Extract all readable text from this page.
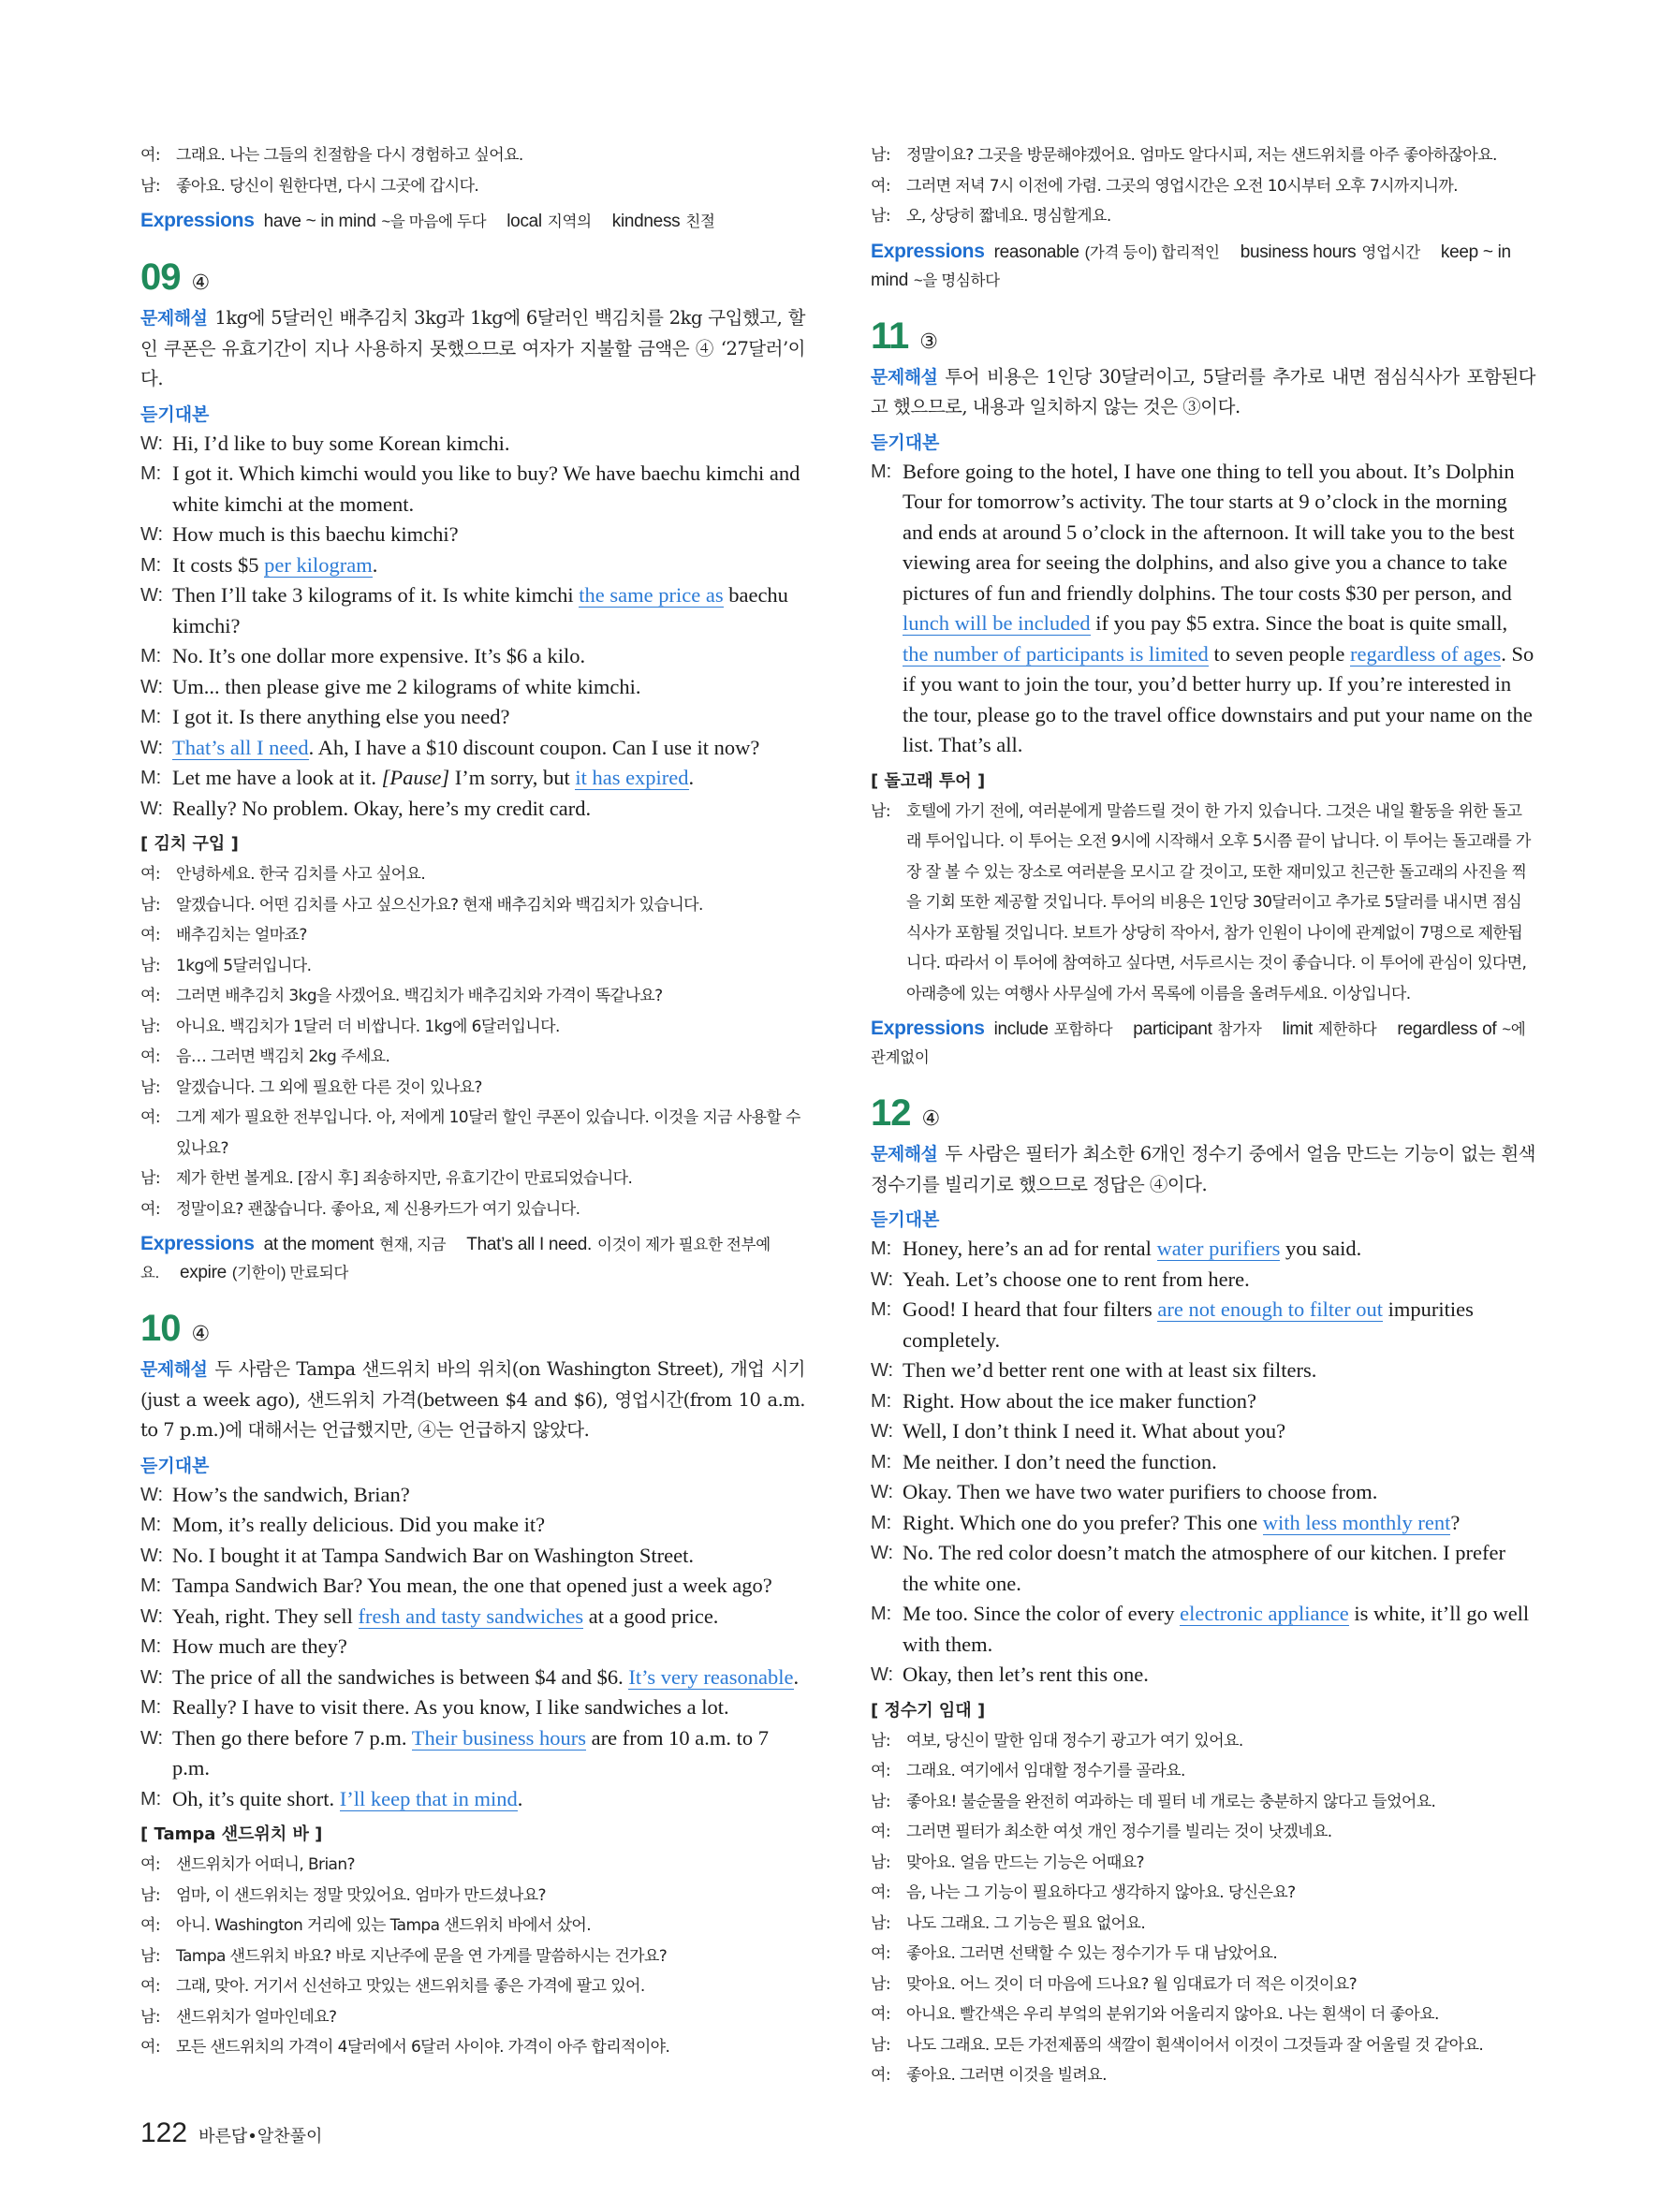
여:	그래요. 나는 그들의 친절함을 다시 경험하고 싶어요.
남:	좋아요. 당신이 원한다면, 다시 그곳에 갑시다.
Expressions have ~ in mind ~을 마음에 두다 local 지역의 kindness 친절
09 ④
문제해설 1kg에 5달러인 배추김치 3kg과 1kg에 6달러인 백김치를 2kg 구입했고, 할인 쿠폰은 유효기간이 지나 사용하지 못했으므로 여자가 지불할 금액은 ④ ‘27달러’이다.
듣기대본
W: Hi, I’d like to buy some Korean kimchi.
M: I got it. Which kimchi would you like to buy? We have baechu kimchi and white kimchi at the moment.
W: How much is this baechu kimchi?
M: It costs $5 per kilogram.
W: Then I’ll take 3 kilograms of it. Is white kimchi the same price as baechu kimchi?
M: No. It’s one dollar more expensive. It’s $6 a kilo.
W: Um... then please give me 2 kilograms of white kimchi.
M: I got it. Is there anything else you need?
W: That’s all I need. Ah, I have a $10 discount coupon. Can I use it now?
M: Let me have a look at it. [Pause] I’m sorry, but it has expired.
W: Really? No problem. Okay, here’s my credit card.
[ 김치 구입 ]
여:	안녕하세요. 한국 김치를 사고 싶어요.
남:	알겠습니다. 어떤 김치를 사고 싶으신가요? 현재 배추김치와 백김치가 있습니다.
여:	배추김치는 얼마죠?
남:	1kg에 5달러입니다.
여:	그러면 배추김치 3kg을 사겠어요. 백김치가 배추김치와 가격이 똑같나요?
남:	아니요. 백김치가 1달러 더 비쌉니다. 1kg에 6달러입니다.
여:	음… 그러면 백김치 2kg 주세요.
남:	알겠습니다. 그 외에 필요한 다른 것이 있나요?
여:	그게 제가 필요한 전부입니다. 아, 저에게 10달러 할인 쿠폰이 있습니다. 이것을 지금 사용할 수 있나요?
남:	제가 한번 볼게요. [잠시 후] 죄송하지만, 유효기간이 만료되었습니다.
여:	정말이요? 괜찮습니다. 좋아요, 제 신용카드가 여기 있습니다.
Expressions at the moment 현재, 지금 That’s all I need. 이것이 제가 필요한 전부예요. expire (기한이) 만료되다
10 ④
문제해설 두 사람은 Tampa 샌드위치 바의 위치(on Washington Street), 개업 시기(just a week ago), 샌드위치 가격(between $4 and $6), 영업시간(from 10 a.m. to 7 p.m.)에 대해서는 언급했지만, ④는 언급하지 않았다.
듣기대본
W: How’s the sandwich, Brian?
M: Mom, it’s really delicious. Did you make it?
W: No. I bought it at Tampa Sandwich Bar on Washington Street.
M: Tampa Sandwich Bar? You mean, the one that opened just a week ago?
W: Yeah, right. They sell fresh and tasty sandwiches at a good price.
M: How much are they?
W: The price of all the sandwiches is between $4 and $6. It’s very reasonable.
M: Really? I have to visit there. As you know, I like sandwiches a lot.
W: Then go there before 7 p.m. Their business hours are from 10 a.m. to 7 p.m.
M: Oh, it’s quite short. I’ll keep that in mind.
[ Tampa 샌드위치 바 ]
여:	샌드위치가 어떠니, Brian?
남:	엄마, 이 샌드위치는 정말 맛있어요. 엄마가 만드셨나요?
여:	아니. Washington 거리에 있는 Tampa 샌드위치 바에서 샀어.
남:	Tampa 샌드위치 바요? 바로 지난주에 문을 연 가게를 말씀하시는 건가요?
여:	그래, 맞아. 거기서 신선하고 맛있는 샌드위치를 좋은 가격에 팔고 있어.
남:	샌드위치가 얼마인데요?
여:	모든 샌드위치의 가격이 4달러에서 6달러 사이야. 가격이 아주 합리적이야.
남:	정말이요? 그곳을 방문해야겠어요. 엄마도 알다시피, 저는 샌드위치를 아주 좋아하잖아요.
여:	그러면 저녁 7시 이전에 가렴. 그곳의 영업시간은 오전 10시부터 오후 7시까지니까.
남:	오, 상당히 짧네요. 명심할게요.
Expressions reasonable (가격 등이) 합리적인 business hours 영업시간 keep ~ in mind ~을 명심하다
11 ③
문제해설 투어 비용은 1인당 30달러이고, 5달러를 추가로 내면 점심식사가 포함된다고 했으므로, 내용과 일치하지 않는 것은 ③이다.
듣기대본
M: Before going to the hotel, I have one thing to tell you about. It’s Dolphin Tour for tomorrow’s activity. The tour starts at 9 o’clock in the morning and ends at around 5 o’clock in the afternoon. It will take you to the best viewing area for seeing the dolphins, and also give you a chance to take pictures of fun and friendly dolphins. The tour costs $30 per person, and lunch will be included if you pay $5 extra. Since the boat is quite small, the number of participants is limited to seven people regardless of ages. So if you want to join the tour, you’d better hurry up. If you’re interested in the tour, please go to the travel office downstairs and put your name on the list. That’s all.
[ 돌고래 투어 ]
남:	호텔에 가기 전에, 여러분에게 말씀드릴 것이 한 가지 있습니다. 그것은 내일 활동을 위한 돌고래 투어입니다. 이 투어는 오전 9시에 시작해서 오후 5시쯤 끝이 납니다. 이 투어는 돌고래를 가장 잘 볼 수 있는 장소로 여러분을 모시고 갈 것이고, 또한 재미있고 친근한 돌고래의 사진을 찍을 기회 또한 제공할 것입니다. 투어의 비용은 1인당 30달러이고 추가로 5달러를 내시면 점심식사가 포함될 것입니다. 보트가 상당히 작아서, 참가 인원이 나이에 관계없이 7명으로 제한됩니다. 따라서 이 투어에 참여하고 싶다면, 서두르시는 것이 좋습니다. 이 투어에 관심이 있다면, 아래층에 있는 여행사 사무실에 가서 목록에 이름을 올려두세요. 이상입니다.
Expressions include 포함하다 participant 참가자 limit 제한하다 regardless of ~에 관계없이
12 ④
문제해설 두 사람은 필터가 최소한 6개인 정수기 중에서 얼음 만드는 기능이 없는 흰색 정수기를 빌리기로 했으므로 정답은 ④이다.
듣기대본
M: Honey, here’s an ad for rental water purifiers you said.
W: Yeah. Let’s choose one to rent from here.
M: Good! I heard that four filters are not enough to filter out impurities completely.
W: Then we’d better rent one with at least six filters.
M: Right. How about the ice maker function?
W: Well, I don’t think I need it. What about you?
M: Me neither. I don’t need the function.
W: Okay. Then we have two water purifiers to choose from.
M: Right. Which one do you prefer? This one with less monthly rent?
W: No. The red color doesn’t match the atmosphere of our kitchen. I prefer the white one.
M: Me too. Since the color of every electronic appliance is white, it’ll go well with them.
W: Okay, then let’s rent this one.
[ 정수기 임대 ]
남:	여보, 당신이 말한 임대 정수기 광고가 여기 있어요.
여:	그래요. 여기에서 임대할 정수기를 골라요.
남:	좋아요! 불순물을 완전히 여과하는 데 필터 네 개로는 충분하지 않다고 들었어요.
여:	그러면 필터가 최소한 여섯 개인 정수기를 빌리는 것이 낫겠네요.
남:	맞아요. 얼음 만드는 기능은 어때요?
여:	음, 나는 그 기능이 필요하다고 생각하지 않아요. 당신은요?
남:	나도 그래요. 그 기능은 필요 없어요.
여:	좋아요. 그러면 선택할 수 있는 정수기가 두 대 남았어요.
남:	맞아요. 어느 것이 더 마음에 드나요? 월 임대료가 더 적은 이것이요?
여:	아니요. 빨간색은 우리 부엌의 분위기와 어울리지 않아요. 나는 흰색이 더 좋아요.
남:	나도 그래요. 모든 가전제품의 색깔이 흰색이어서 이것이 그것들과 잘 어울릴 것 같아요.
여:	좋아요. 그러면 이것을 빌려요.
122 바른답•알찬풀이
